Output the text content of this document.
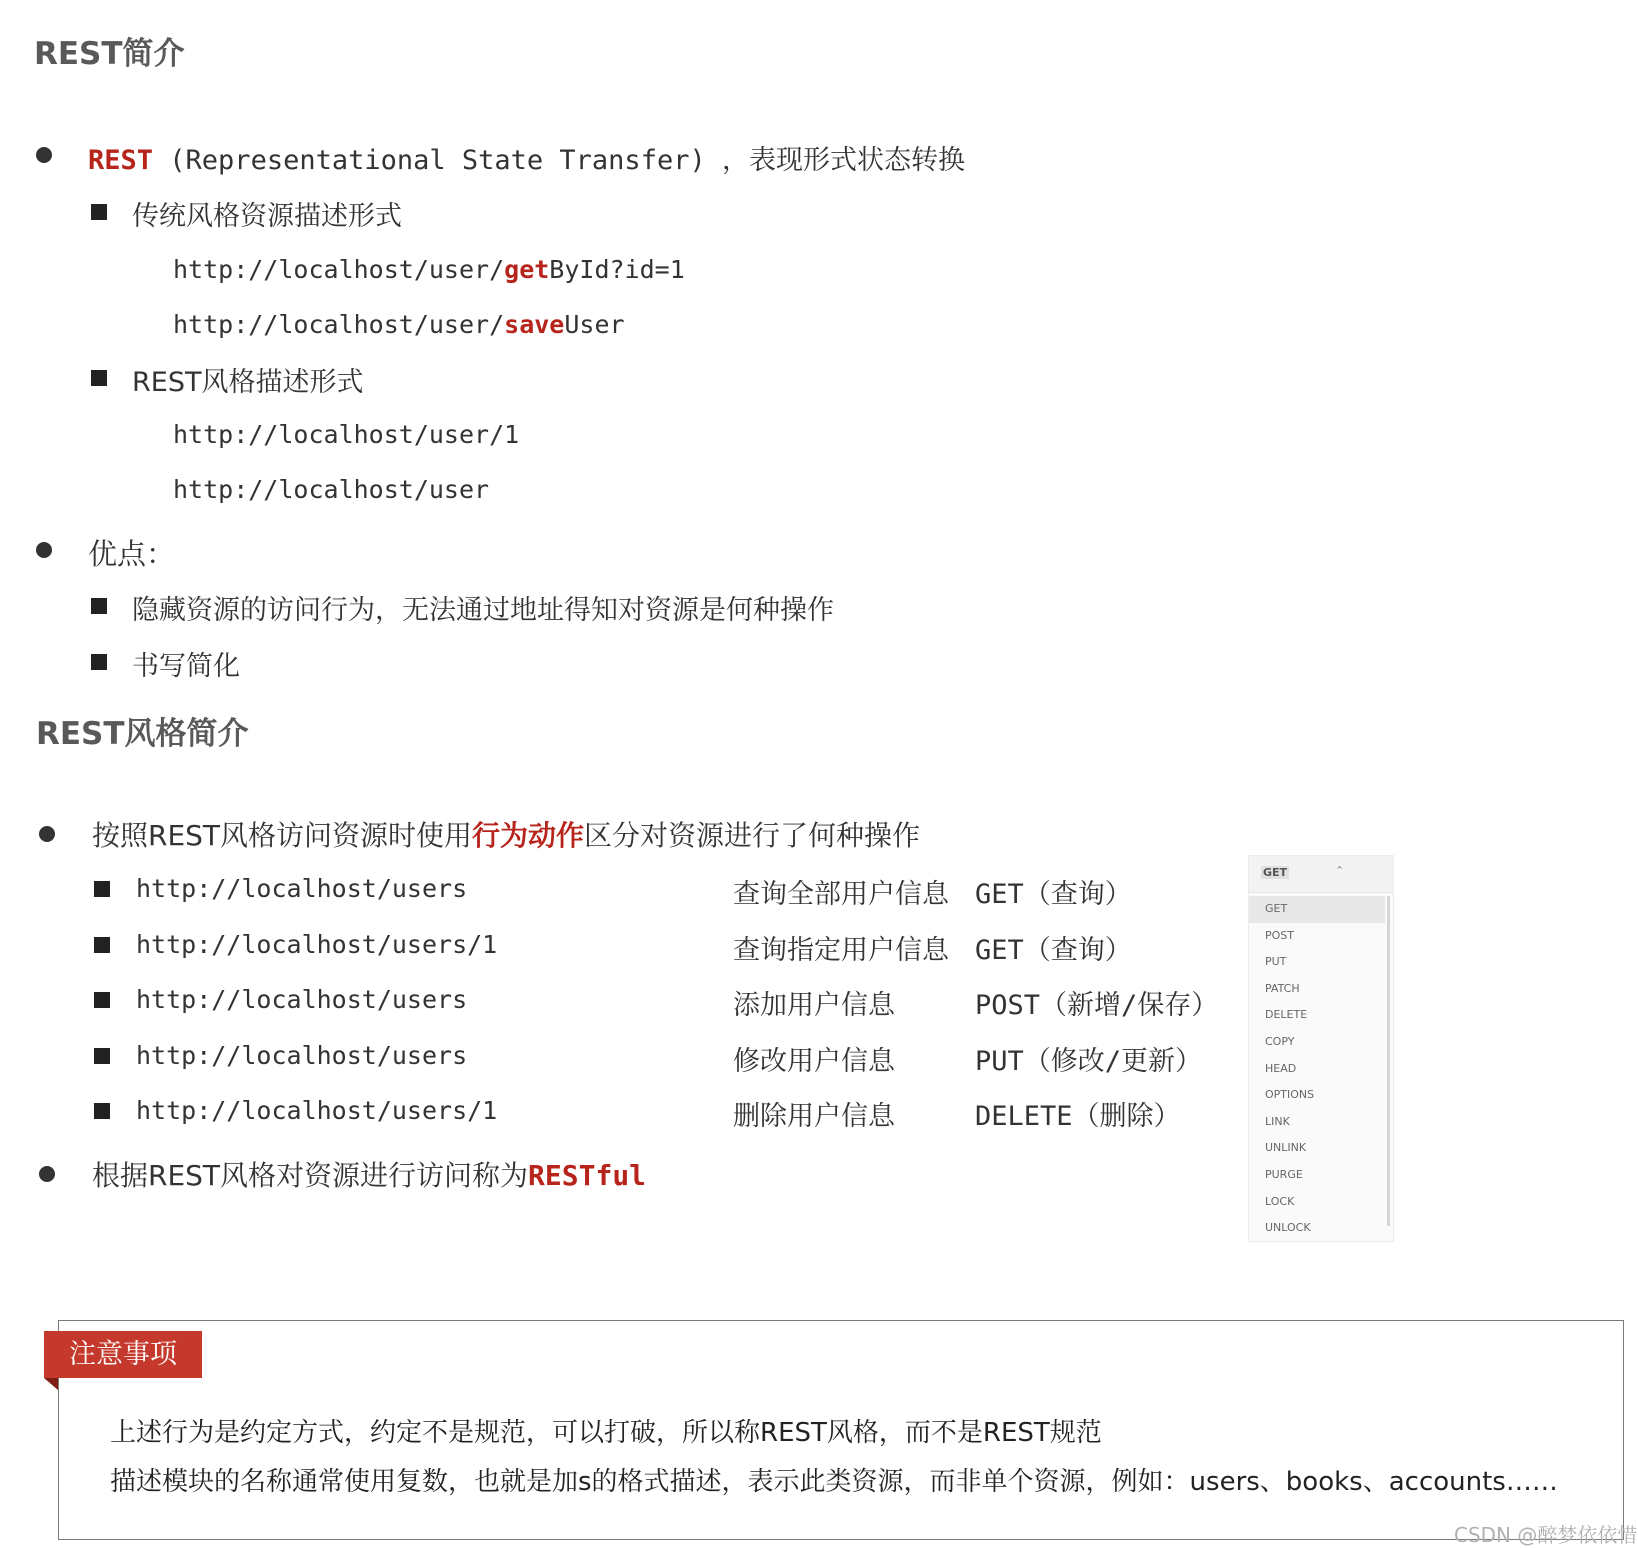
REST简介
REST (Representational State Transfer) ，表现形式状态转换
传统风格资源描述形式
http://localhost/user/getById?id=1
http://localhost/user/saveUser
REST风格描述形式
http://localhost/user/1
http://localhost/user
优点：
隐藏资源的访问行为，无法通过地址得知对资源是何种操作
书写简化
REST风格简介
按照REST风格访问资源时使用行为动作区分对资源进行了何种操作
http://localhost/users	查询全部用户信息 GET（查询）
http://localhost/users/1	查询指定用户信息 GET（查询）
http://localhost/users	添加用户信息	POST（新增/保存）
http://localhost/users	修改用户信息	PUT（修改/更新）
http://localhost/users/1	删除用户信息	DELETE（删除）
根据REST风格对资源进行访问称为RESTful
GET	⌃
GET
POST
PUT
PATCH
DELETE
COPY
HEAD
OPTIONS
LINK
UNLINK
PURGE
LOCK
UNLOCK
注意事项
上述行为是约定方式，约定不是规范，可以打破，所以称REST风格，而不是REST规范
描述模块的名称通常使用复数，也就是加s的格式描述，表示此类资源，而非单个资源，例如：users、books、accounts……
CSDN @醉梦依依惜
